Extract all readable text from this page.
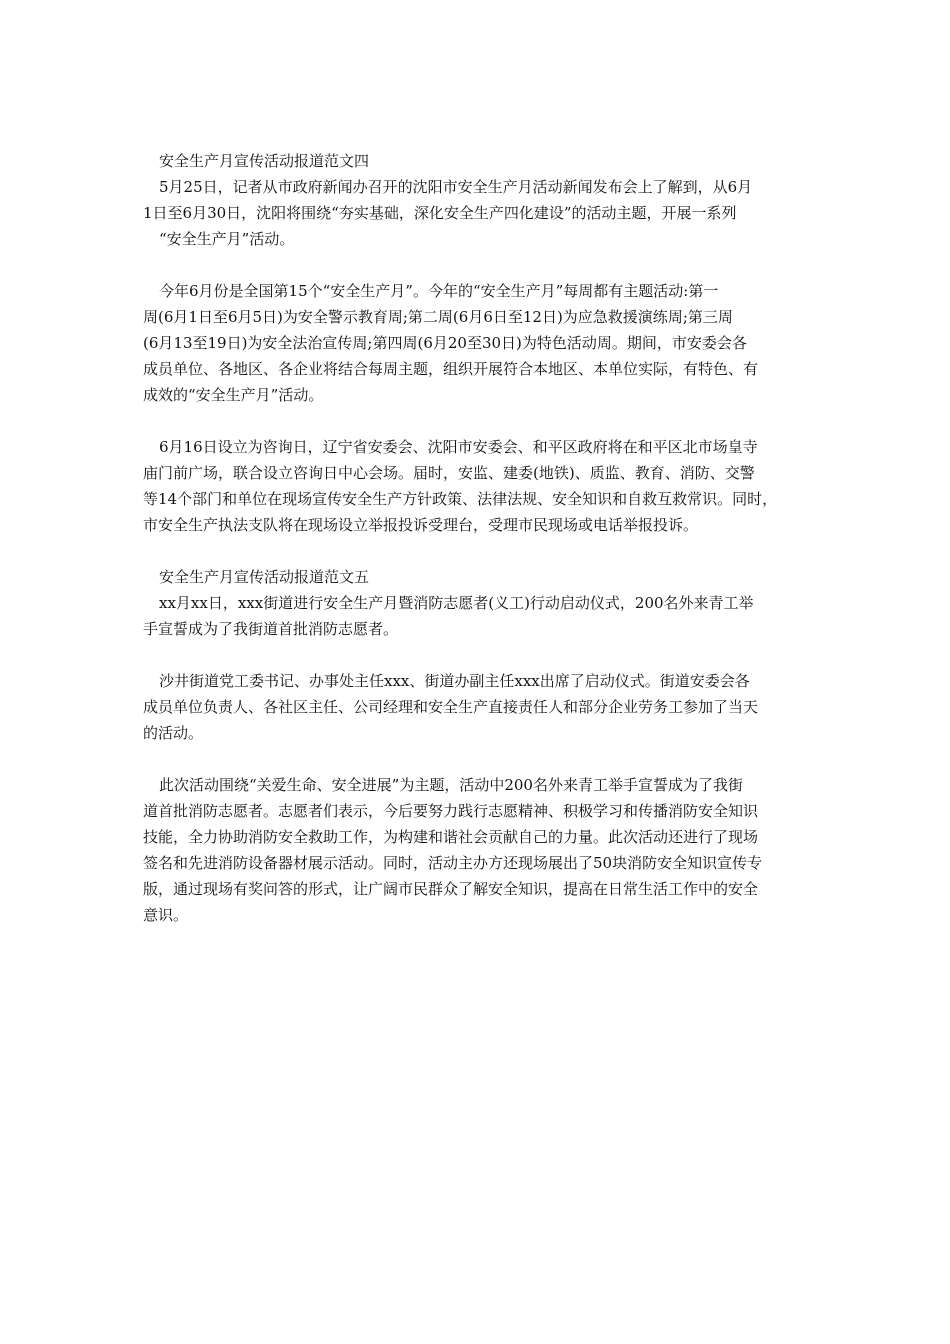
安全生产月宣传活动报道范文四
5月25日，记者从市政府新闻办召开的沈阳市安全生产月活动新闻发布会上了解到，从6月
1日至6月30日，沈阳将围绕“夯实基础，深化安全生产四化建设”的活动主题，开展一系列
“安全生产月”活动。
今年6月份是全国第15个“安全生产月”。今年的“安全生产月”每周都有主题活动:第一
周(6月1日至6月5日)为安全警示教育周;第二周(6月6日至12日)为应急救援演练周;第三周
(6月13至19日)为安全法治宣传周;第四周(6月20至30日)为特色活动周。期间，市安委会各
成员单位、各地区、各企业将结合每周主题，组织开展符合本地区、本单位实际，有特色、有
成效的“安全生产月”活动。
6月16日设立为咨询日，辽宁省安委会、沈阳市安委会、和平区政府将在和平区北市场皇寺
庙门前广场，联合设立咨询日中心会场。届时，安监、建委(地铁)、质监、教育、消防、交警
等14个部门和单位在现场宣传安全生产方针政策、法律法规、安全知识和自救互救常识。同时，
市安全生产执法支队将在现场设立举报投诉受理台，受理市民现场或电话举报投诉。
安全生产月宣传活动报道范文五
xx月xx日，xxx街道进行安全生产月暨消防志愿者(义工)行动启动仪式，200名外来青工举
手宣誓成为了我街道首批消防志愿者。
沙井街道党工委书记、办事处主任xxx、街道办副主任xxx出席了启动仪式。街道安委会各
成员单位负责人、各社区主任、公司经理和安全生产直接责任人和部分企业劳务工参加了当天
的活动。
此次活动围绕“关爱生命、安全进展”为主题，活动中200名外来青工举手宣誓成为了我街
道首批消防志愿者。志愿者们表示，今后要努力践行志愿精神、积极学习和传播消防安全知识
技能，全力协助消防安全救助工作，为构建和谐社会贡献自己的力量。此次活动还进行了现场
签名和先进消防设备器材展示活动。同时，活动主办方还现场展出了50块消防安全知识宣传专
版，通过现场有奖问答的形式，让广阔市民群众了解安全知识，提高在日常生活工作中的安全
意识。
